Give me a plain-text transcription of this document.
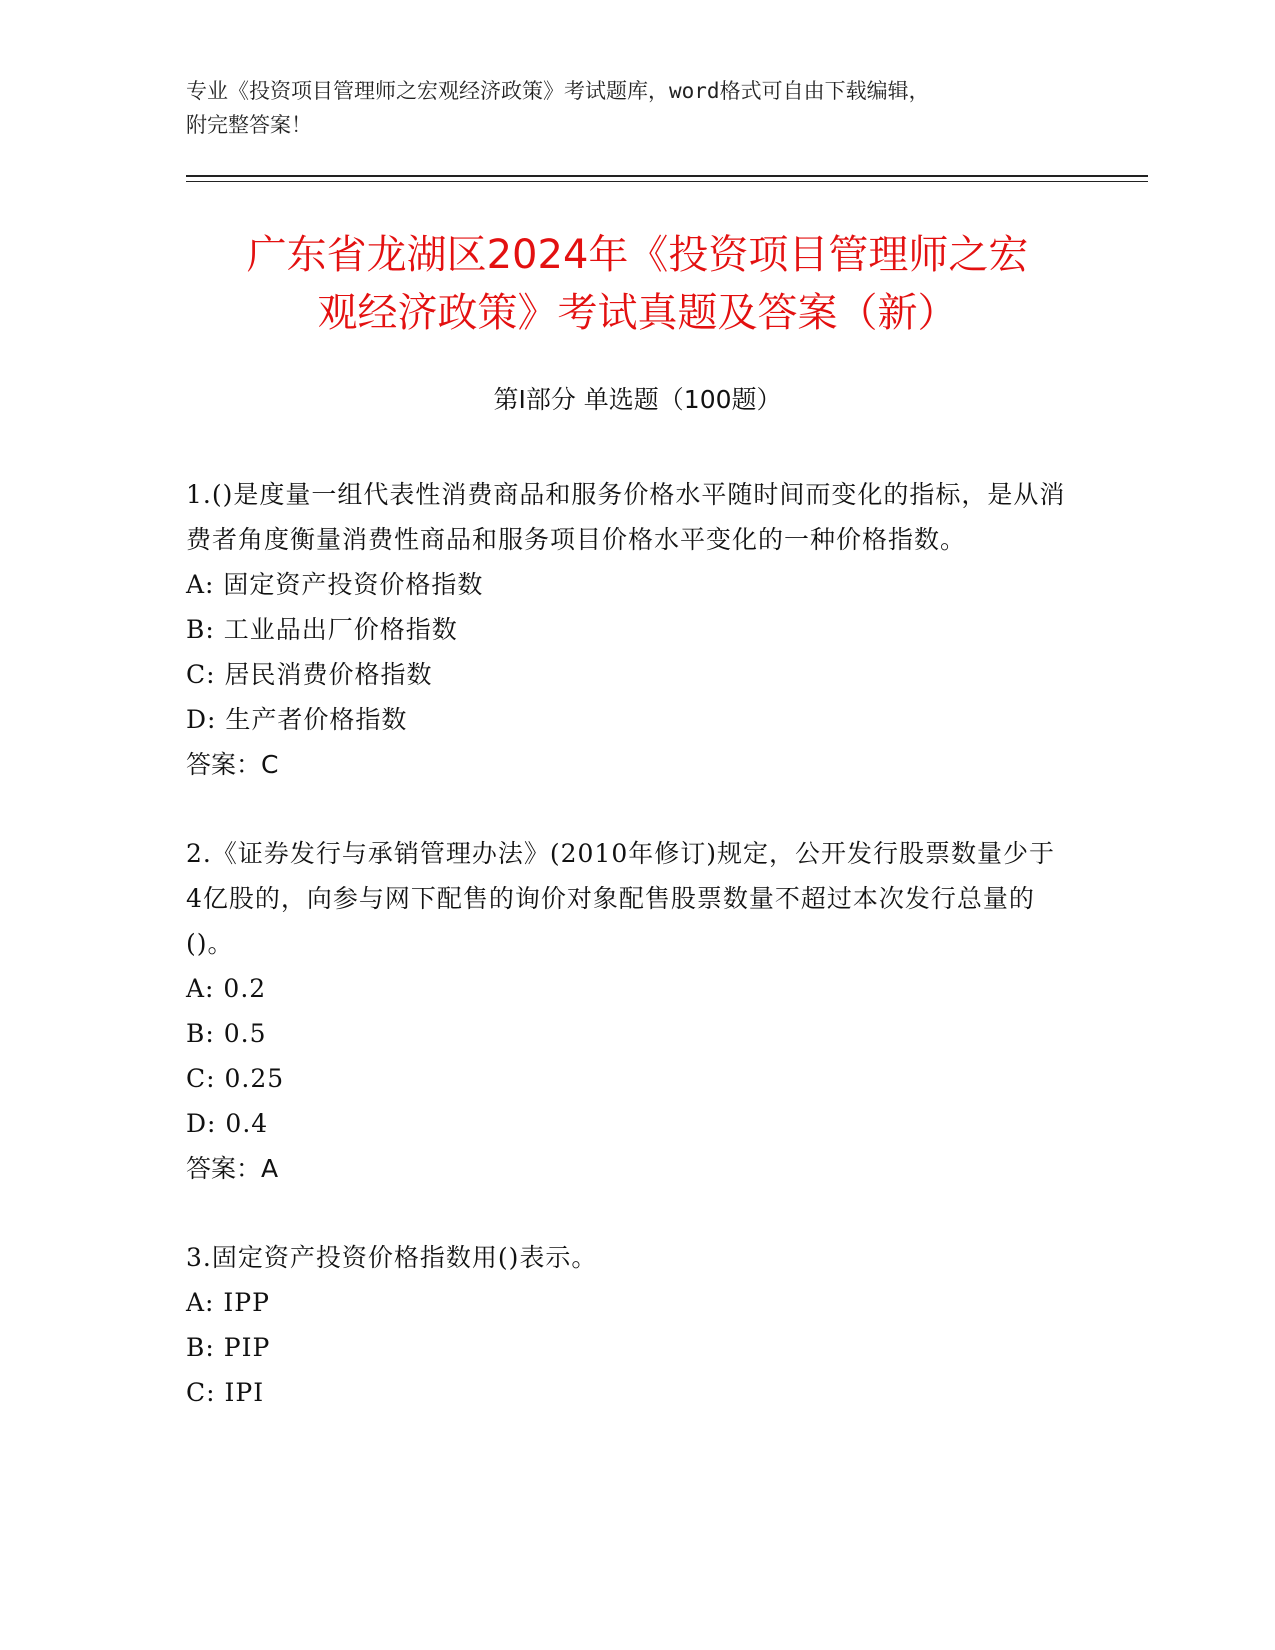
专业《投资项目管理师之宏观经济政策》考试题库，word格式可自由下载编辑，
附完整答案！
广东省龙湖区2024年《投资项目管理师之宏
观经济政策》考试真题及答案（新）
第Ⅰ部分 单选题（100题）

1.()是度量一组代表性消费商品和服务价格水平随时间而变化的指标，是从消费者角度衡量消费性商品和服务项目价格水平变化的一种价格指数。

A: 固定资产投资价格指数

B: 工业品出厂价格指数

C: 居民消费价格指数

D: 生产者价格指数

答案：C

2.《证券发行与承销管理办法》(2010年修订)规定，公开发行股票数量少于4亿股的，向参与网下配售的询价对象配售股票数量不超过本次发行总量的()。

A: 0.2

B: 0.5

C: 0.25

D: 0.4

答案：A

3.固定资产投资价格指数用()表示。

A: IPP

B: PIP

C: IPI
